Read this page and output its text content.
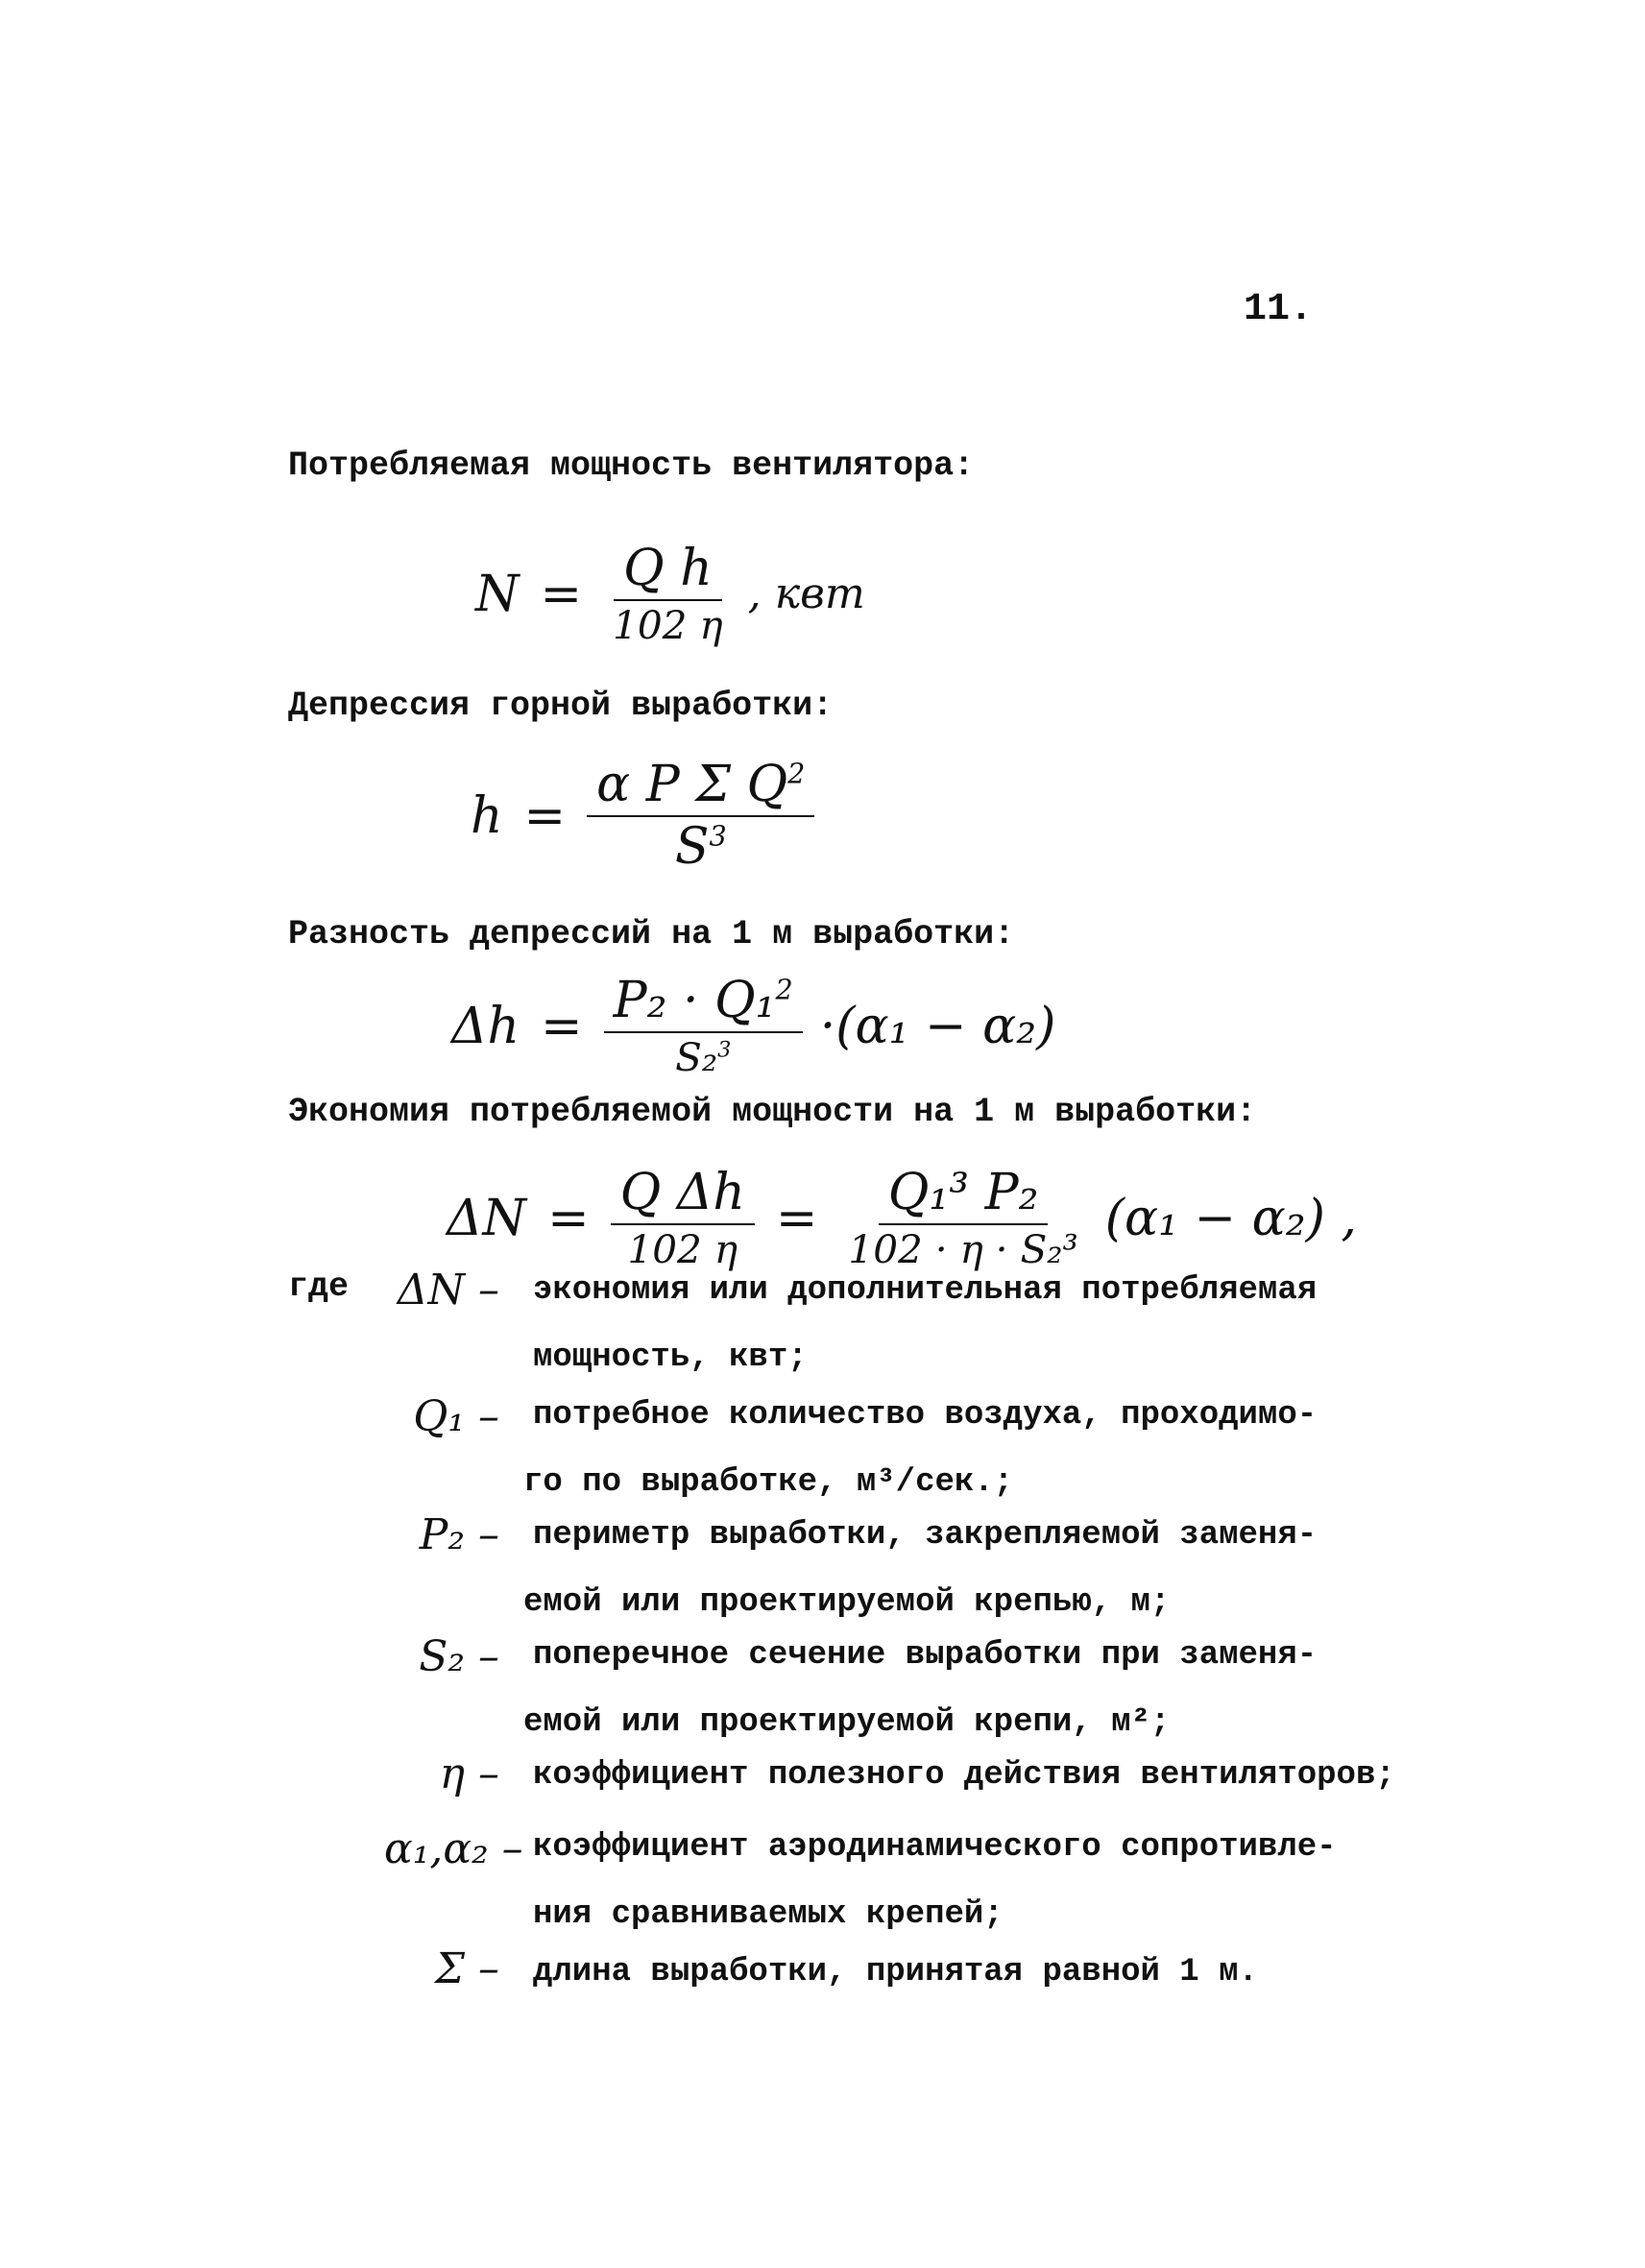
11.
Потребляемая мощность вентилятора:
$N = \frac{\text{Q h}}{102 \eta}$ , квт
Депрессия горной выработки:
$h = \frac{\alpha P \Sigma Q^2}{S^3}$
Разность депрессий на 1 м выработки:
$\Delta h = \frac{P_2 \cdot Q_1^2}{S_2^3} \cdot(\alpha_1 - \alpha_2)$
Экономия потребляемой мощности на 1 м выработки:
$\Delta N = \frac{\text{Q Δh}}{102 \eta} = \frac{\text{Q₁³ P₂}}{\text{102 · η · S₂³}} (\alpha_1 - \alpha_2)$ ,
где	ΔN – экономия или дополнительная потребляемая
мощность, квт;
Q₁ – потребное количество воздуха, проходимо-
го по выработке, м³/сек.;
P₂ – периметр выработки, закрепляемой заменя-
емой или проектируемой крепью, м;
S₂ – поперечное сечение выработки при заменя-
емой или проектируемой крепи, м²;
η – коэффициент полезного действия вентиляторов;
α₁,α₂ – коэффициент аэродинамического сопротивле-
ния сравниваемых крепей;
Σ – длина выработки, принятая равной 1 м.
